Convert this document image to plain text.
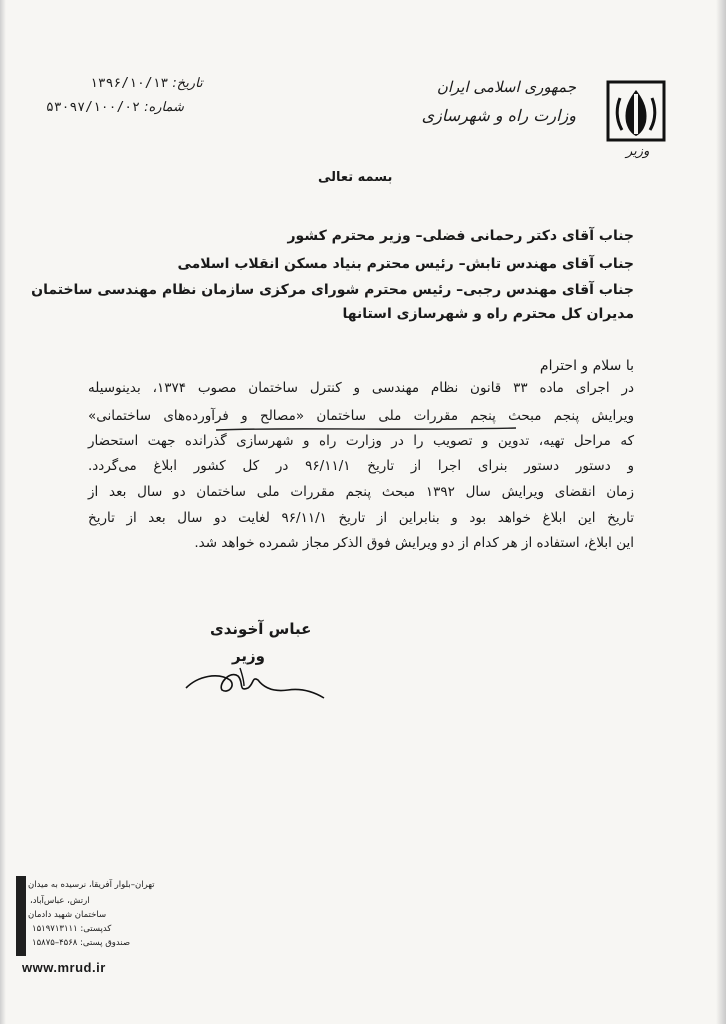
جمهوری اسلامی ایران
وزارت راه و شهرسازی
وزیر
تاریخ: ۱۳۹۶/۱۰/۱۳
شماره: ۵۳۰۹۷/۱۰۰/۰۲
بسمه تعالی
جناب آقای دکتر رحمانی فضلی– وزیر محترم کشور
جناب آقای مهندس تابش– رئیس محترم بنیاد مسکن انقلاب اسلامی
جناب آقای مهندس رجبی– رئیس محترم شورای مرکزی سازمان نظام مهندسی ساختمان
مدیران کل محترم راه و شهرسازی استانها
با سلام و احترام
در اجرای ماده ۳۳ قانون نظام مهندسی و کنترل ساختمان مصوب ۱۳۷۴، بدینوسیله
ویرایش پنجم مبحث پنجم مقررات ملی ساختمان «مصالح و فرآورده‌های ساختمانی»
که مراحل تهیه، تدوین و تصویب را در وزارت راه و شهرسازی گذرانده جهت استحضار
و دستور دستور بنرای اجرا از تاریخ ۹۶/۱۱/۱ در کل کشور ابلاغ می‌گردد.
زمان انقضای ویرایش سال ۱۳۹۲ مبحث پنجم مقررات ملی ساختمان دو سال بعد از
تاریخ این ابلاغ خواهد بود و بنابراین از تاریخ ۹۶/۱۱/۱ لغایت دو سال بعد از تاریخ
این ابلاغ، استفاده از هر کدام از دو ویرایش فوق الذکر مجاز شمرده خواهد شد.
عباس آخوندی
وزیر
تهران–بلوار آفریقا، نرسیده به میدان
ارتش، عباس‌آباد،
ساختمان شهید دادمان
کدپستی: ۱۵۱۹۷۱۳۱۱۱
صندوق پستی: ۴۵۶۸–۱۵۸۷۵
www.mrud.ir
